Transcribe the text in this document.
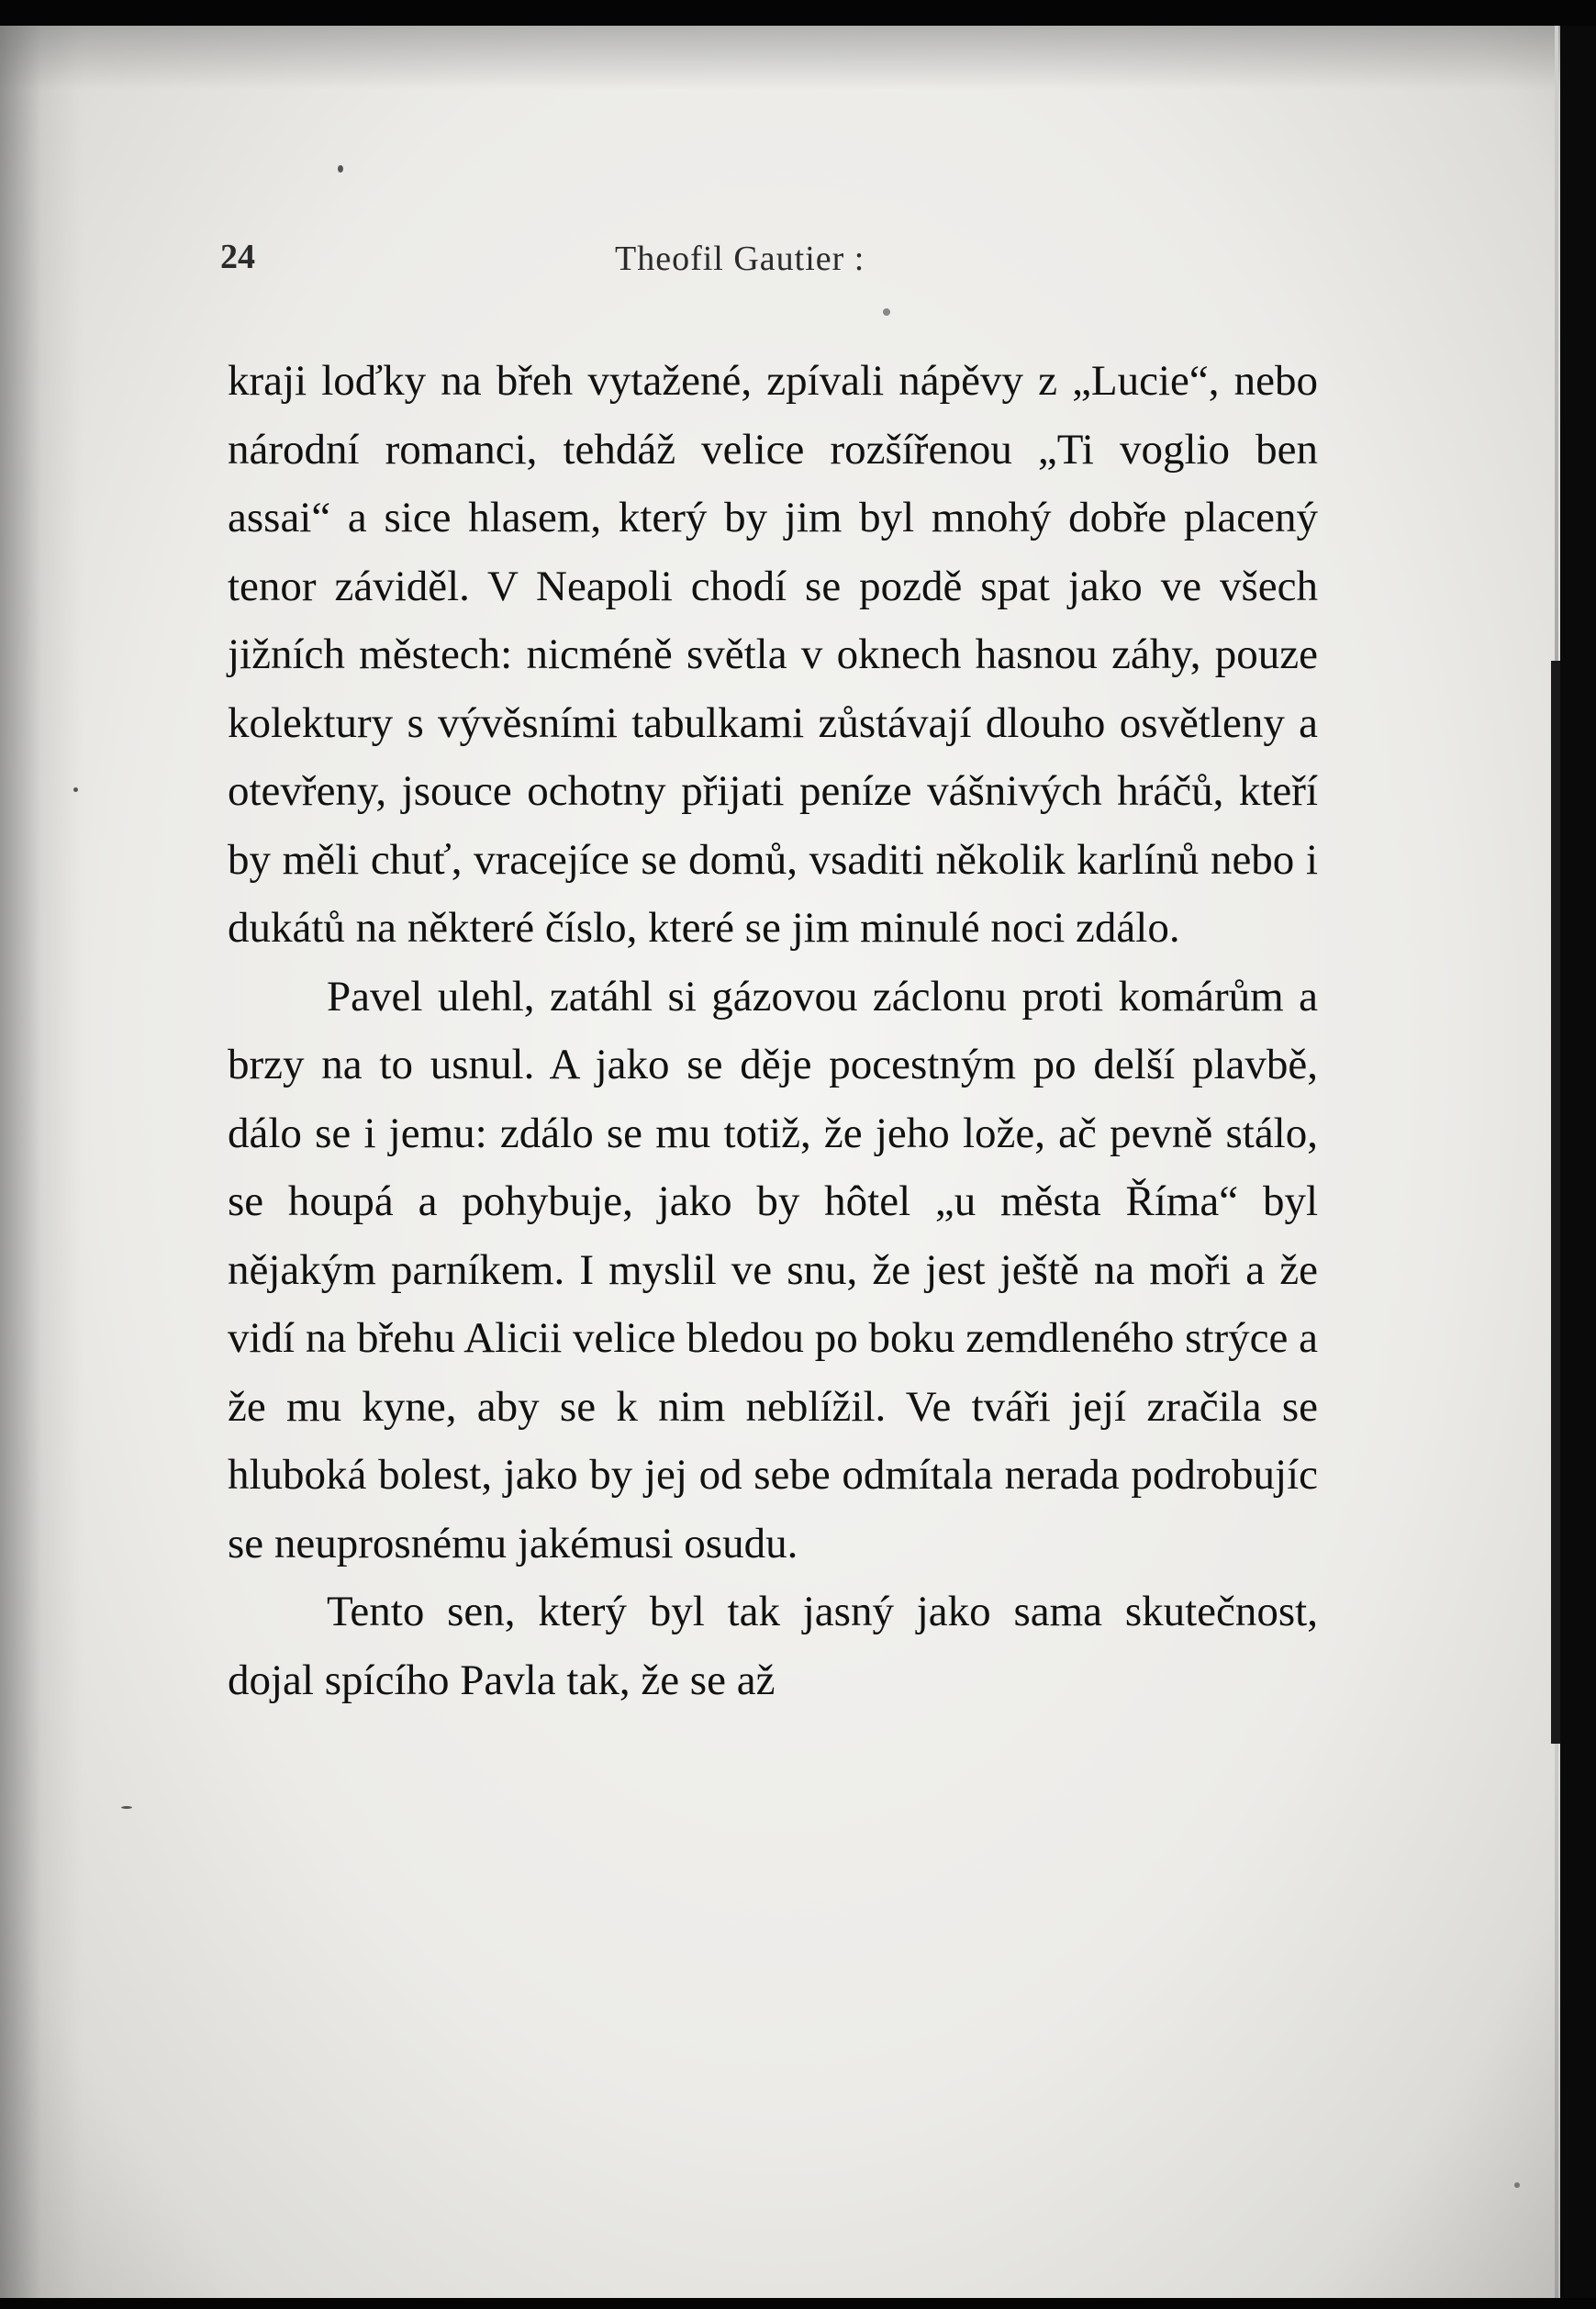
24	Theofil Gautier :

kraji loďky na břeh vytažené, zpívali nápěvy z „Lucie“, nebo národní romanci, tehdáž velice rozšířenou „Ti voglio ben assai“ a sice hlasem, který by jim byl mnohý dobře placený tenor záviděl. V Neapoli chodí se pozdě spat jako ve všech jižních městech: nicméně světla v oknech hasnou záhy, pouze kolektury s vývěsními tabulkami zůstávají dlouho osvětleny a otevřeny, jsouce ochotny přijati peníze vášnivých hráčů, kteří by měli chuť, vracejíce se domů, vsaditi několik karlínů nebo i dukátů na některé číslo, které se jim minulé noci zdálo.

Pavel ulehl, zatáhl si gázovou záclonu proti komárům a brzy na to usnul. A jako se děje pocestným po delší plavbě, dálo se i jemu: zdálo se mu totiž, že jeho lože, ač pevně stálo, se houpá a pohybuje, jako by hôtel „u města Říma“ byl nějakým parníkem. I myslil ve snu, že jest ještě na moři a že vidí na břehu Alicii velice bledou po boku zemdleného strýce a že mu kyne, aby se k nim neblížil. Ve tváři její zračila se hluboká bolest, jako by jej od sebe odmítala nerada podrobujíc se neuprosnému jakémusi osudu.

Tento sen, který byl tak jasný jako sama skutečnost, dojal spícího Pavla tak, že se až
